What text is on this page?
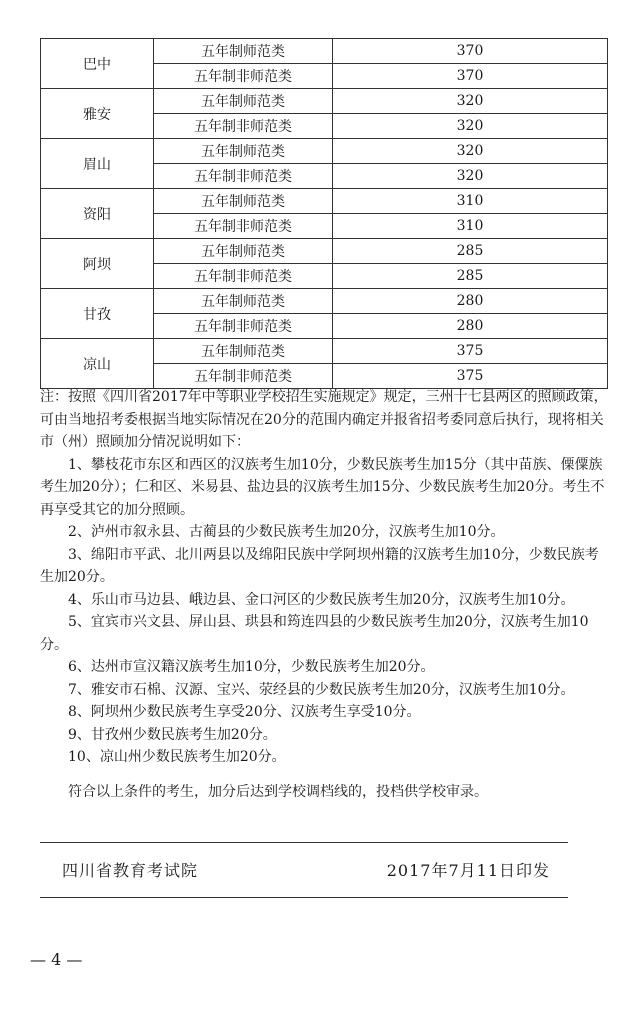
巴中	五年制师范类	370
	五年制非师范类	370
雅安	五年制师范类	320
	五年制非师范类	320
眉山	五年制师范类	320
	五年制非师范类	320
资阳	五年制师范类	310
	五年制非师范类	310
阿坝	五年制师范类	285
	五年制非师范类	285
甘孜	五年制师范类	280
	五年制非师范类	280
凉山	五年制师范类	375
	五年制非师范类	375

注：按照《四川省2017年中等职业学校招生实施规定》规定，三州十七县两区的照顾政策，可由当地招考委根据当地实际情况在20分的范围内确定并报省招考委同意后执行，现将相关市（州）照顾加分情况说明如下：

1、攀枝花市东区和西区的汉族考生加10分，少数民族考生加15分（其中苗族、傈僳族考生加20分）；仁和区、米易县、盐边县的汉族考生加15分、少数民族考生加20分。考生不再享受其它的加分照顾。

2、泸州市叙永县、古蔺县的少数民族考生加20分，汉族考生加10分。

3、绵阳市平武、北川两县以及绵阳民族中学阿坝州籍的汉族考生加10分，少数民族考生加20分。

4、乐山市马边县、峨边县、金口河区的少数民族考生加20分，汉族考生加10分。

5、宜宾市兴文县、屏山县、珙县和筠连四县的少数民族考生加20分，汉族考生加10分。

6、达州市宣汉籍汉族考生加10分，少数民族考生加20分。

7、雅安市石棉、汉源、宝兴、荥经县的少数民族考生加20分，汉族考生加10分。

8、阿坝州少数民族考生享受20分、汉族考生享受10分。

9、甘孜州少数民族考生加20分。

10、凉山州少数民族考生加20分。

符合以上条件的考生，加分后达到学校调档线的，投档供学校审录。

四川省教育考试院	2017年7月11日印发
— 4 —
